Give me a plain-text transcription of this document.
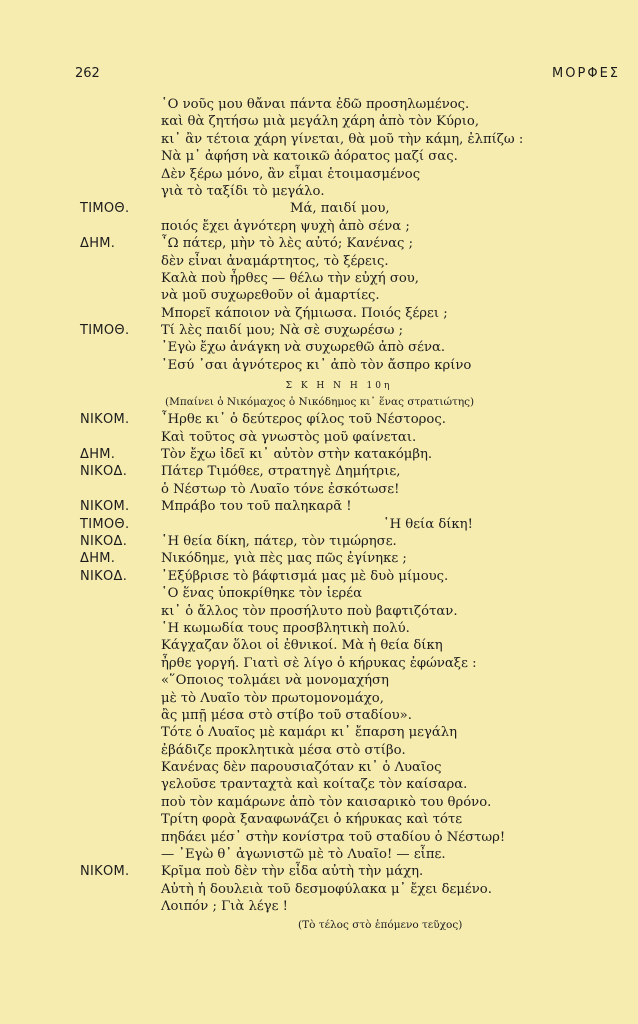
262	ΜΟΡΦΕΣ
῾Ο νοῦς μου θἄναι πάντα ἐδῶ προσηλωμένος.
καὶ θὰ ζητήσω μιὰ μεγάλη χάρη ἀπὸ τὸν Κύριο,
κι᾽ ἂν τέτοια χάρη γίνεται, θὰ μοῦ τὴν κάμη, ἐλπίζω :
Νὰ μ᾽ ἀφήση νὰ κατοικῶ ἀόρατος μαζί σας.
Δὲν ξέρω μόνο, ἂν εἶμαι ἑτοιμασμένος
γιὰ τὸ ταξίδι τὸ μεγάλο.
ΤΙΜΟΘ.	Μά, παιδί μου,
ποιός ἔχει ἁγνότερη ψυχὴ ἀπὸ σένα ;
ΔΗΜ.	῏Ω πάτερ, μὴν τὸ λὲς αὐτό; Κανένας ;
δὲν εἶναι ἀναμάρτητος, τὸ ξέρεις.
Καλὰ ποὺ ἦρθες — θέλω τὴν εὐχή σου,
νὰ μοῦ συχωρεθοῦν οἱ ἁμαρτίες.
Μπορεῖ κάποιον νὰ ζήμιωσα. Ποιός ξέρει ;
ΤΙΜΟΘ. Τί λὲς παιδί μου; Νὰ σὲ συχωρέσω ;
᾽Εγὼ ἔχω ἀνάγκη νὰ συχωρεθῶ ἀπὸ σένα.
᾽Εσύ ᾽σαι ἁγνότερος κι᾽ ἀπὸ τὸν ἄσπρο κρίνο
Σ Κ Η Ν Η 10η
(Μπαίνει ὁ Νικόμαχος ὁ Νικόδημος κι᾽ ἕνας στρατιώτης)
ΝΙΚΟΜ. ῏Ηρθε κι᾽ ὁ δεύτερος φίλος τοῦ Νέστορος.
Καὶ τοῦτος σὰ γνωστὸς μοῦ φαίνεται.
ΔΗΜ.	Τὸν ἔχω ἰδεῖ κι᾽ αὐτὸν στὴν κατακόμβη.
ΝΙΚΟΔ.	Πάτερ Τιμόθεε, στρατηγὲ Δημήτριε,
ὁ Νέστωρ τὸ Λυαῖο τόνε ἐσκότωσε!
ΝΙΚΟΜ. Μπράβο του τοῦ παληκαρᾶ !
ΤΙΜΟΘ.	῾Η θεία δίκη!
ΝΙΚΟΔ.	῾Η θεία δίκη, πάτερ, τὸν τιμώρησε.
ΔΗΜ.	Νικόδημε, γιὰ πὲς μας πῶς ἐγίνηκε ;
ΝΙΚΟΔ.	᾽Εξύβρισε τὸ βάφτισμά μας μὲ δυὸ μίμους.
῾Ο ἕνας ὑποκρίθηκε τὸν ἱερέα
κι᾽ ὁ ἄλλος τὸν προσήλυτο ποὺ βαφτιζόταν.
῾Η κωμωδία τους προσβλητικὴ πολύ.
Κάγχαζαν ὅλοι οἱ ἐθνικοί. Μὰ ἡ θεία δίκη
ἦρθε γοργή. Γιατὶ σὲ λίγο ὁ κήρυκας ἐφώναξε :
«῞Οποιος τολμάει νὰ μονομαχήση
μὲ τὸ Λυαῖο τὸν πρωτομονομάχο,
ἂς μπῇ μέσα στὸ στίβο τοῦ σταδίου».
Τότε ὁ Λυαῖος μὲ καμάρι κι᾽ ἔπαρση μεγάλη
ἐβάδιζε προκλητικὰ μέσα στὸ στίβο.
Κανένας δὲν παρουσιαζόταν κι᾽ ὁ Λυαῖος
γελοῦσε τρανταχτὰ καὶ κοίταζε τὸν καίσαρα.
ποὺ τὸν καμάρωνε ἀπὸ τὸν καισαρικὸ του θρόνο.
Τρίτη φορὰ ξαναφωνάζει ὁ κήρυκας καὶ τότε
πηδάει μέσ᾽ στὴν κονίστρα τοῦ σταδίου ὁ Νέστωρ!
— ᾽Εγὼ θ᾽ ἀγωνιστῶ μὲ τὸ Λυαῖο! — εἶπε.
ΝΙΚΟΜ. Κρῖμα ποὺ δὲν τὴν εἶδα αὐτὴ τὴν μάχη.
Αὐτὴ ἡ δουλειὰ τοῦ δεσμοφύλακα μ᾽ ἔχει δεμένο.
Λοιπόν ; Γιὰ λέγε !
(Τὸ τέλος στὸ ἑπόμενο τεῦχος)
